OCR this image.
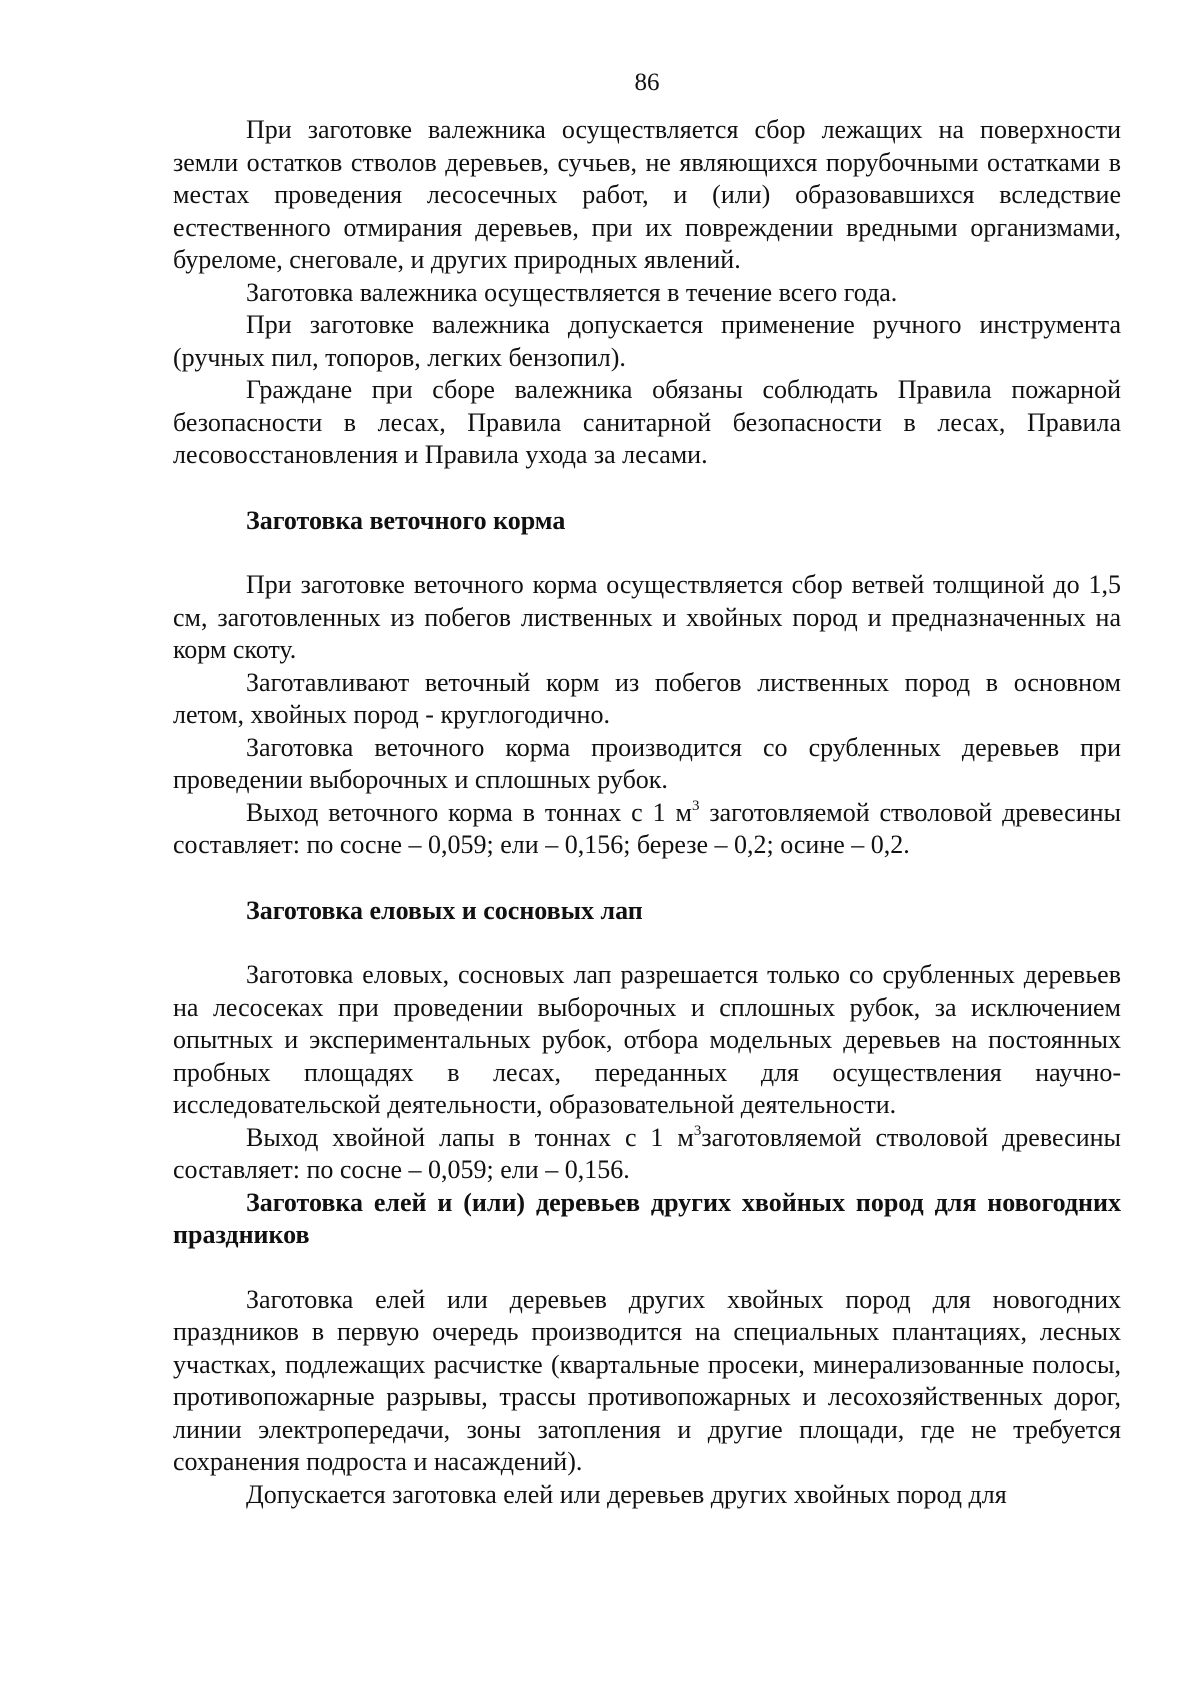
86

При заготовке валежника осуществляется сбор лежащих на поверхности земли остатков стволов деревьев, сучьев, не являющихся порубочными остатками в местах проведения лесосечных работ, и (или) образовавшихся вследствие естественного отмирания деревьев, при их повреждении вредными организмами, буреломе, снеговале, и других природных явлений.

Заготовка валежника осуществляется в течение всего года.

При заготовке валежника допускается применение ручного инструмента (ручных пил, топоров, легких бензопил).

Граждане при сборе валежника обязаны соблюдать Правила пожарной безопасности в лесах, Правила санитарной безопасности в лесах, Правила лесовосстановления и Правила ухода за лесами.

Заготовка веточного корма

При заготовке веточного корма осуществляется сбор ветвей толщиной до 1,5 см, заготовленных из побегов лиственных и хвойных пород и предназначенных на корм скоту.

Заготавливают веточный корм из побегов лиственных пород в основном летом, хвойных пород - круглогодично.

Заготовка веточного корма производится со срубленных деревьев при проведении выборочных и сплошных рубок.

Выход веточного корма в тоннах с 1 $м^3$ заготовляемой стволовой древесины составляет: по сосне – 0,059; ели – 0,156; березе – 0,2; осине – 0,2.

Заготовка еловых и сосновых лап

Заготовка еловых, сосновых лап разрешается только со срубленных деревьев на лесосеках при проведении выборочных и сплошных рубок, за исключением опытных и экспериментальных рубок, отбора модельных деревьев на постоянных пробных площадях в лесах, переданных для осуществления научно-исследовательской деятельности, образовательной деятельности.

Выход хвойной лапы в тоннах с 1 $м^3заготовляемой$ стволовой древесины составляет: по сосне – 0,059; ели – 0,156.

Заготовка елей и (или) деревьев других хвойных пород для новогодних праздников

Заготовка елей или деревьев других хвойных пород для новогодних праздников в первую очередь производится на специальных плантациях, лесных участках, подлежащих расчистке (квартальные просеки, минерализованные полосы, противопожарные разрывы, трассы противопожарных и лесохозяйственных дорог, линии электропередачи, зоны затопления и другие площади, где не требуется сохранения подроста и насаждений).

Допускается заготовка елей или деревьев других хвойных пород для
